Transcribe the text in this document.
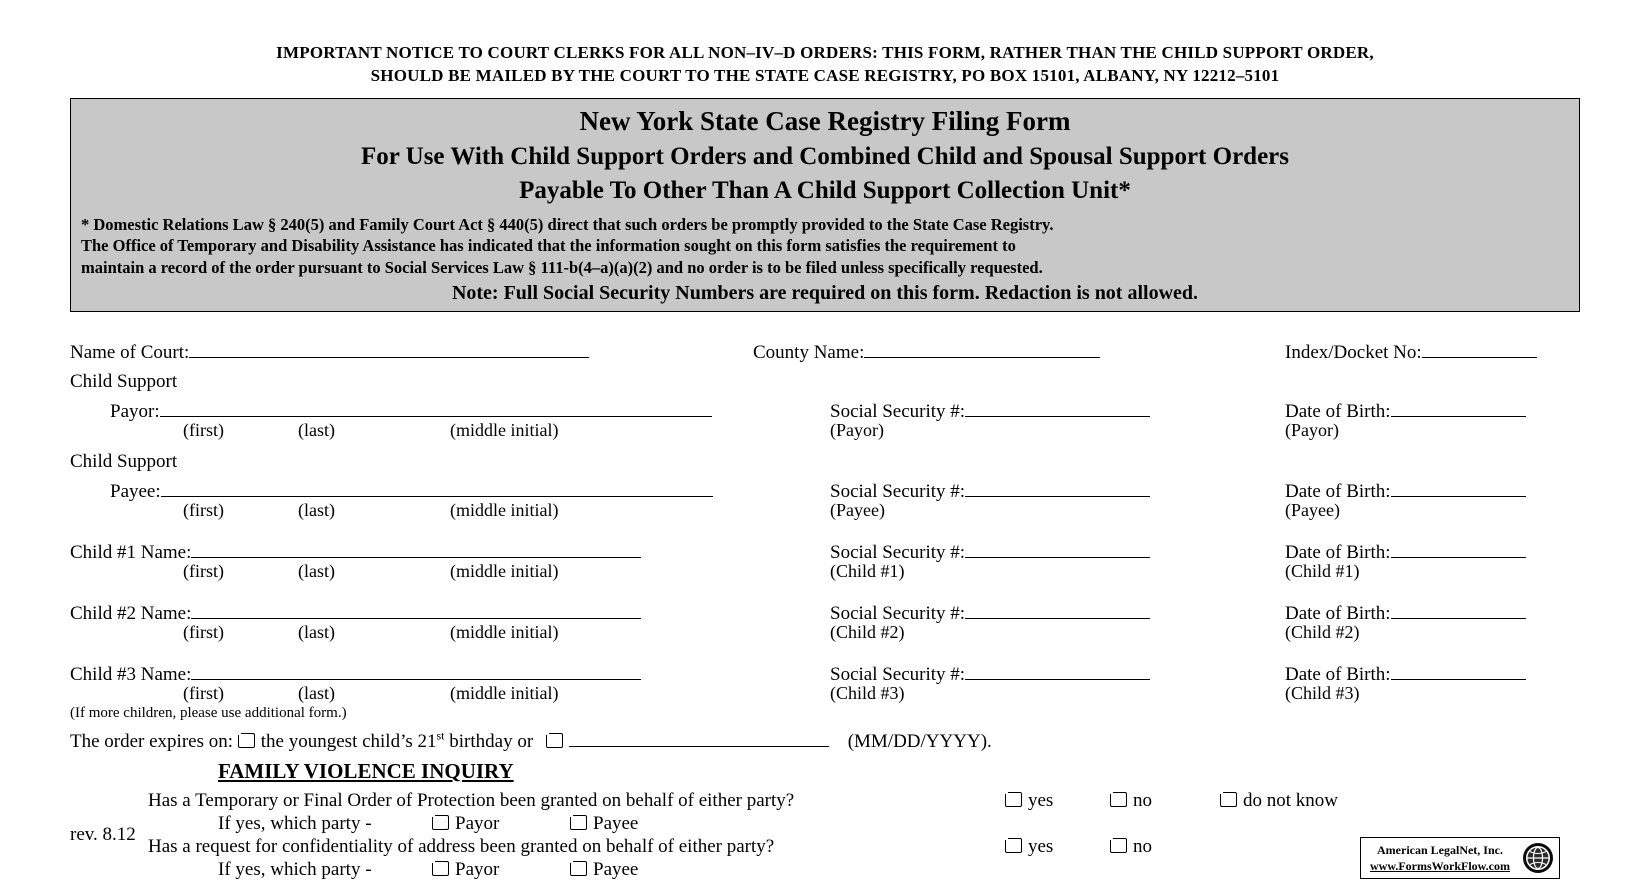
IMPORTANT NOTICE TO COURT CLERKS FOR ALL NON–IV–D ORDERS: THIS FORM, RATHER THAN THE CHILD SUPPORT ORDER,
SHOULD BE MAILED BY THE COURT TO THE STATE CASE REGISTRY, PO BOX 15101, ALBANY, NY 12212–5101
New York State Case Registry Filing Form
For Use With Child Support Orders and Combined Child and Spousal Support Orders
Payable To Other Than A Child Support Collection Unit*
* Domestic Relations Law § 240(5) and Family Court Act § 440(5) direct that such orders be promptly provided to the State Case Registry.
The Office of Temporary and Disability Assistance has indicated that the information sought on this form satisfies the requirement to
maintain a record of the order pursuant to Social Services Law § 111-b(4–a)(a)(2) and no order is to be filed unless specifically requested.
Note: Full Social Security Numbers are required on this form. Redaction is not allowed.
Name of Court:	County Name:	Index/Docket No:
Child Support
Payor:	Social Security #:	Date of Birth:
(first)	(last)	(middle initial)	(Payor)	(Payor)
Child Support
Payee:	Social Security #:	Date of Birth:
(first)	(last)	(middle initial)	(Payee)	(Payee)
Child #1 Name:	Social Security #:	Date of Birth:
(first)	(last)	(middle initial)	(Child #1)	(Child #1)
Child #2 Name:	Social Security #:	Date of Birth:
(first)	(last)	(middle initial)	(Child #2)	(Child #2)
Child #3 Name:	Social Security #:	Date of Birth:
(first)	(last)	(middle initial)	(Child #3)	(Child #3)
(If more children, please use additional form.)
The order expires on: the youngest child’s 21st birthday or	(MM/DD/YYYY).
FAMILY VIOLENCE INQUIRY
Has a Temporary or Final Order of Protection been granted on behalf of either party?	yes	no	do not know
If yes, which party -	Payor	Payee
Has a request for confidentiality of address been granted on behalf of either party?	yes	no
If yes, which party -	Payor	Payee
rev. 8.12
American LegalNet, Inc.
www.FormsWorkFlow.com
